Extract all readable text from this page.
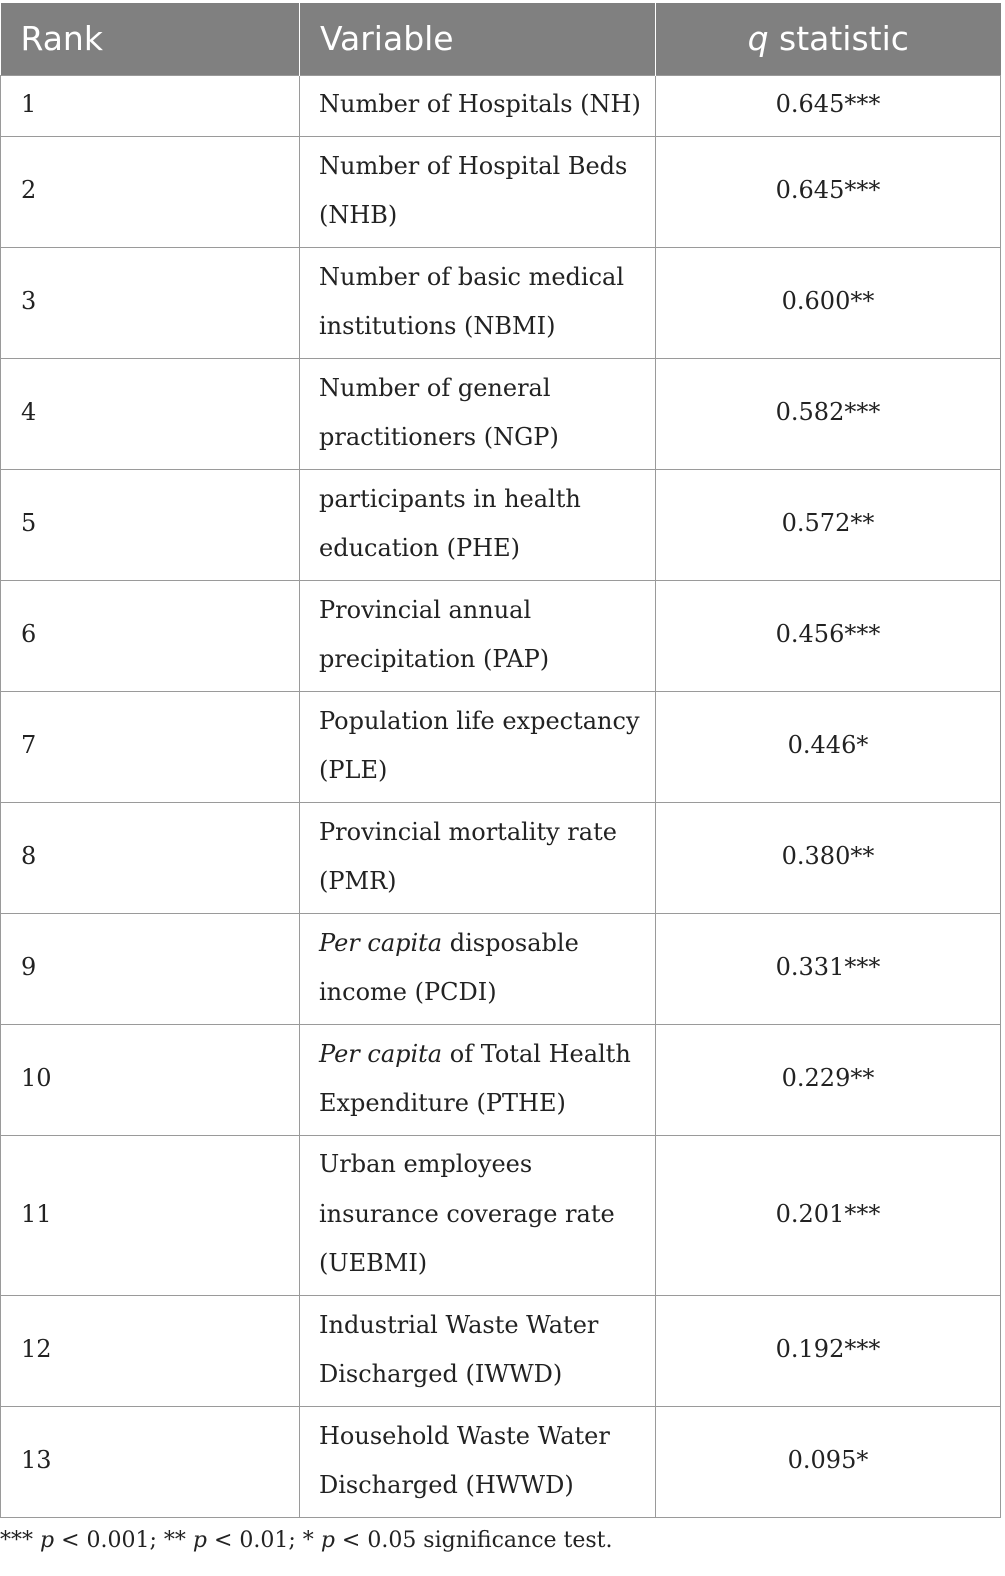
Rank	Variable	q statistic
1	Number of Hospitals (NH)	0.645***
2	Number of Hospital Beds (NHB)	0.645***
3	Number of basic medical institutions (NBMI)	0.600**
4	Number of general practitioners (NGP)	0.582***
5	participants in health education (PHE)	0.572**
6	Provincial annual precipitation (PAP)	0.456***
7	Population life expectancy (PLE)	0.446*
8	Provincial mortality rate (PMR)	0.380**
9	Per capita disposable income (PCDI)	0.331***
10	Per capita of Total Health Expenditure (PTHE)	0.229**
11	Urban employees insurance coverage rate (UEBMI)	0.201***
12	Industrial Waste Water Discharged (IWWD)	0.192***
13	Household Waste Water Discharged (HWWD)	0.095*
*** p < 0.001; ** p < 0.01; * p < 0.05 significance test.
